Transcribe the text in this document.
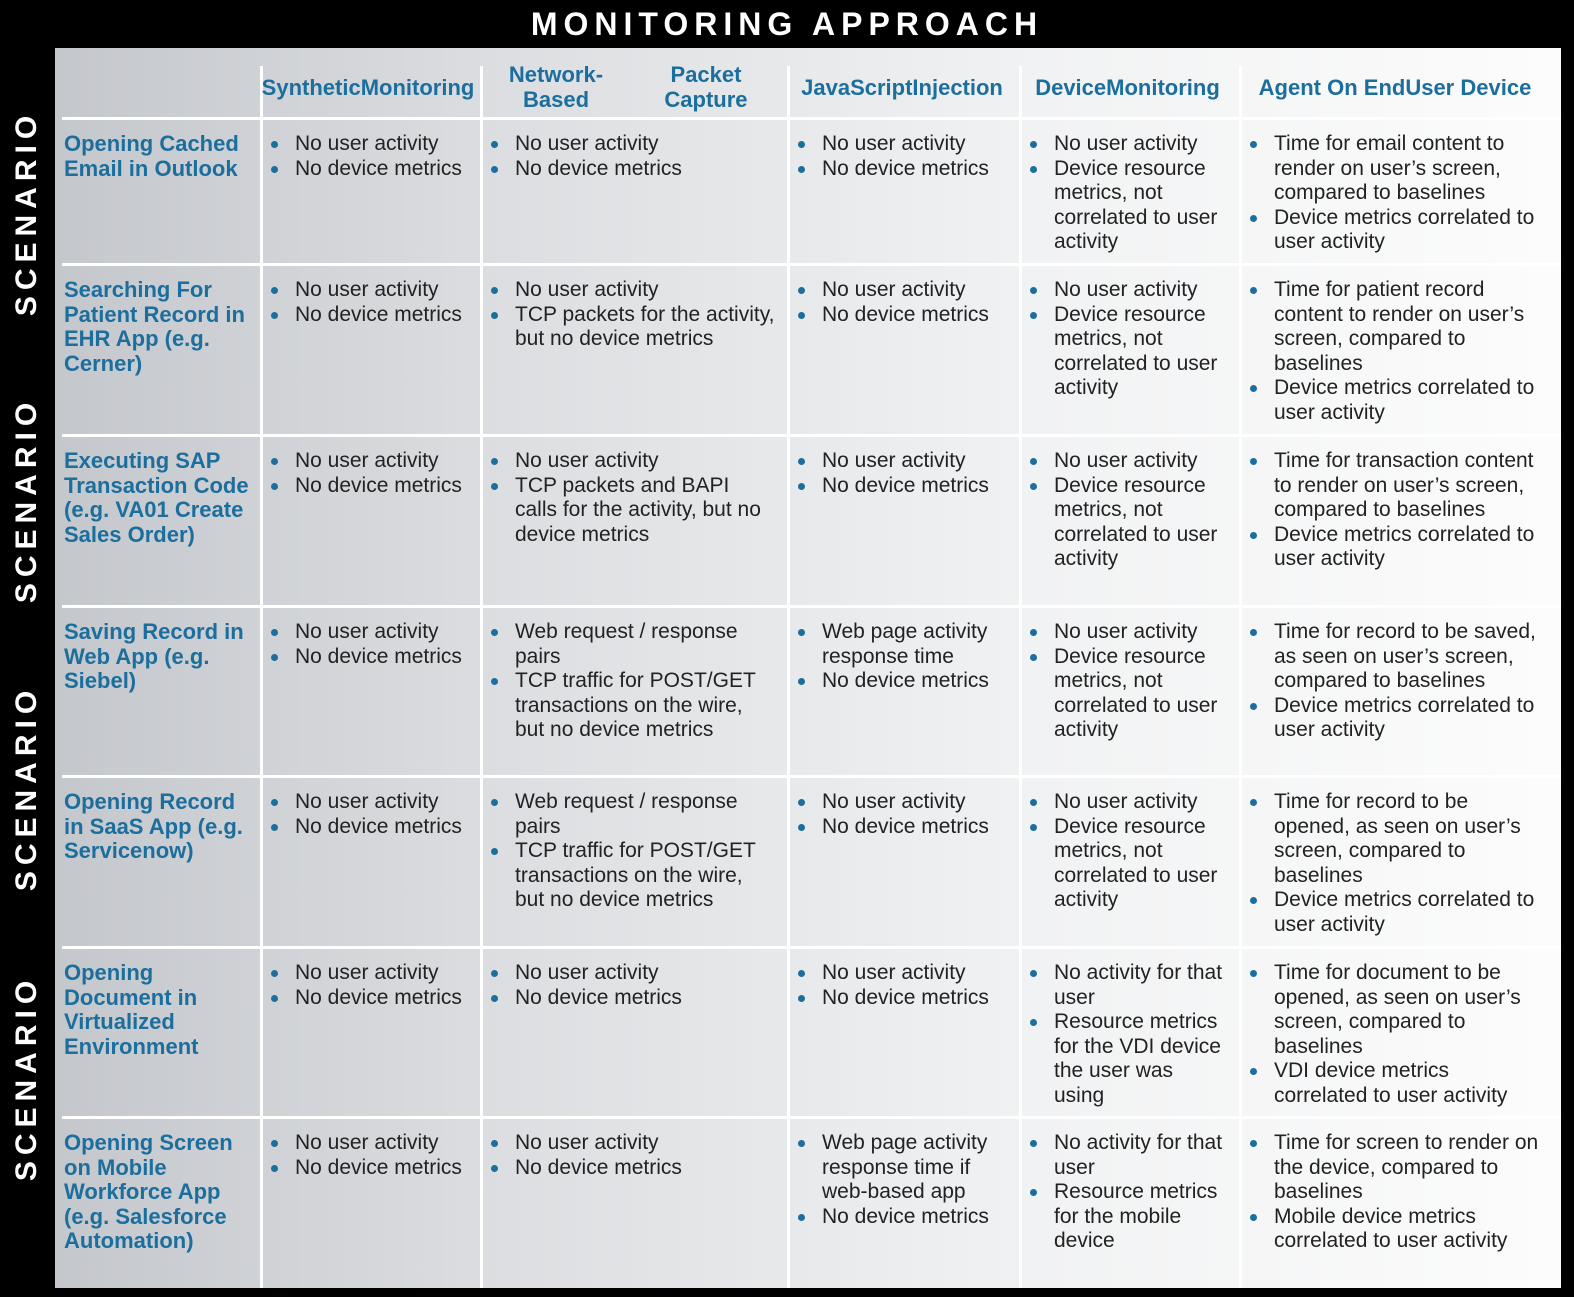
MONITORING APPROACH
SCENARIO
SCENARIO
SCENARIO
SCENARIO
Synthetic Monitoring	Network-Based

Packet Capture	JavaScript Injection Device Monitoring Agent On End User Device
Opening Cached Email in Outlook
No user activity
No device metrics
No user activity
No device metrics
No user activity
No device metrics
No user activity
Device resource metrics, not correlated to user activity
Time for email content to render on user’s screen, compared to baselines
Device metrics correlated to user activity
Searching For Patient Record in EHR App (e.g. Cerner)
No user activity
No device metrics
No user activity
TCP packets for the activity, but no device metrics
No user activity
No device metrics
No user activity
Device resource metrics, not correlated to user activity
Time for patient record content to render on user’s screen, compared to baselines
Device metrics correlated to user activity
Executing SAP Transaction Code (e.g. VA01 Create Sales Order)
No user activity
No device metrics
No user activity
TCP packets and BAPI calls for the activity, but no device metrics
No user activity
No device metrics
No user activity
Device resource metrics, not correlated to user activity
Time for transaction content to render on user’s screen, compared to baselines
Device metrics correlated to user activity
Saving Record in Web App (e.g. Siebel)
No user activity
No device metrics
Web request / response pairs
TCP traffic for POST/GET transactions on the wire, but no device metrics
Web page activity response time
No device metrics
No user activity
Device resource metrics, not correlated to user activity
Time for record to be saved, as seen on user’s screen, compared to baselines
Device metrics correlated to user activity
Opening Record in SaaS App (e.g. Servicenow)
No user activity
No device metrics
Web request / response pairs
TCP traffic for POST/GET transactions on the wire, but no device metrics
No user activity
No device metrics
No user activity
Device resource metrics, not correlated to user activity
Time for record to be opened, as seen on user’s screen, compared to baselines
Device metrics correlated to user activity
Opening Document in Virtualized Environment
No user activity
No device metrics
No user activity
No device metrics
No user activity
No device metrics
No activity for that user
Resource metrics for the VDI device the user was using
Time for document to be opened, as seen on user’s screen, compared to baselines
VDI device metrics correlated to user activity
Opening Screen on Mobile Workforce App (e.g. Salesforce Automation)
No user activity
No device metrics
No user activity
No device metrics
Web page activity response time if web-based app
No device metrics
No activity for that user
Resource metrics for the mobile device
Time for screen to render on the device, compared to baselines
Mobile device metrics correlated to user activity
